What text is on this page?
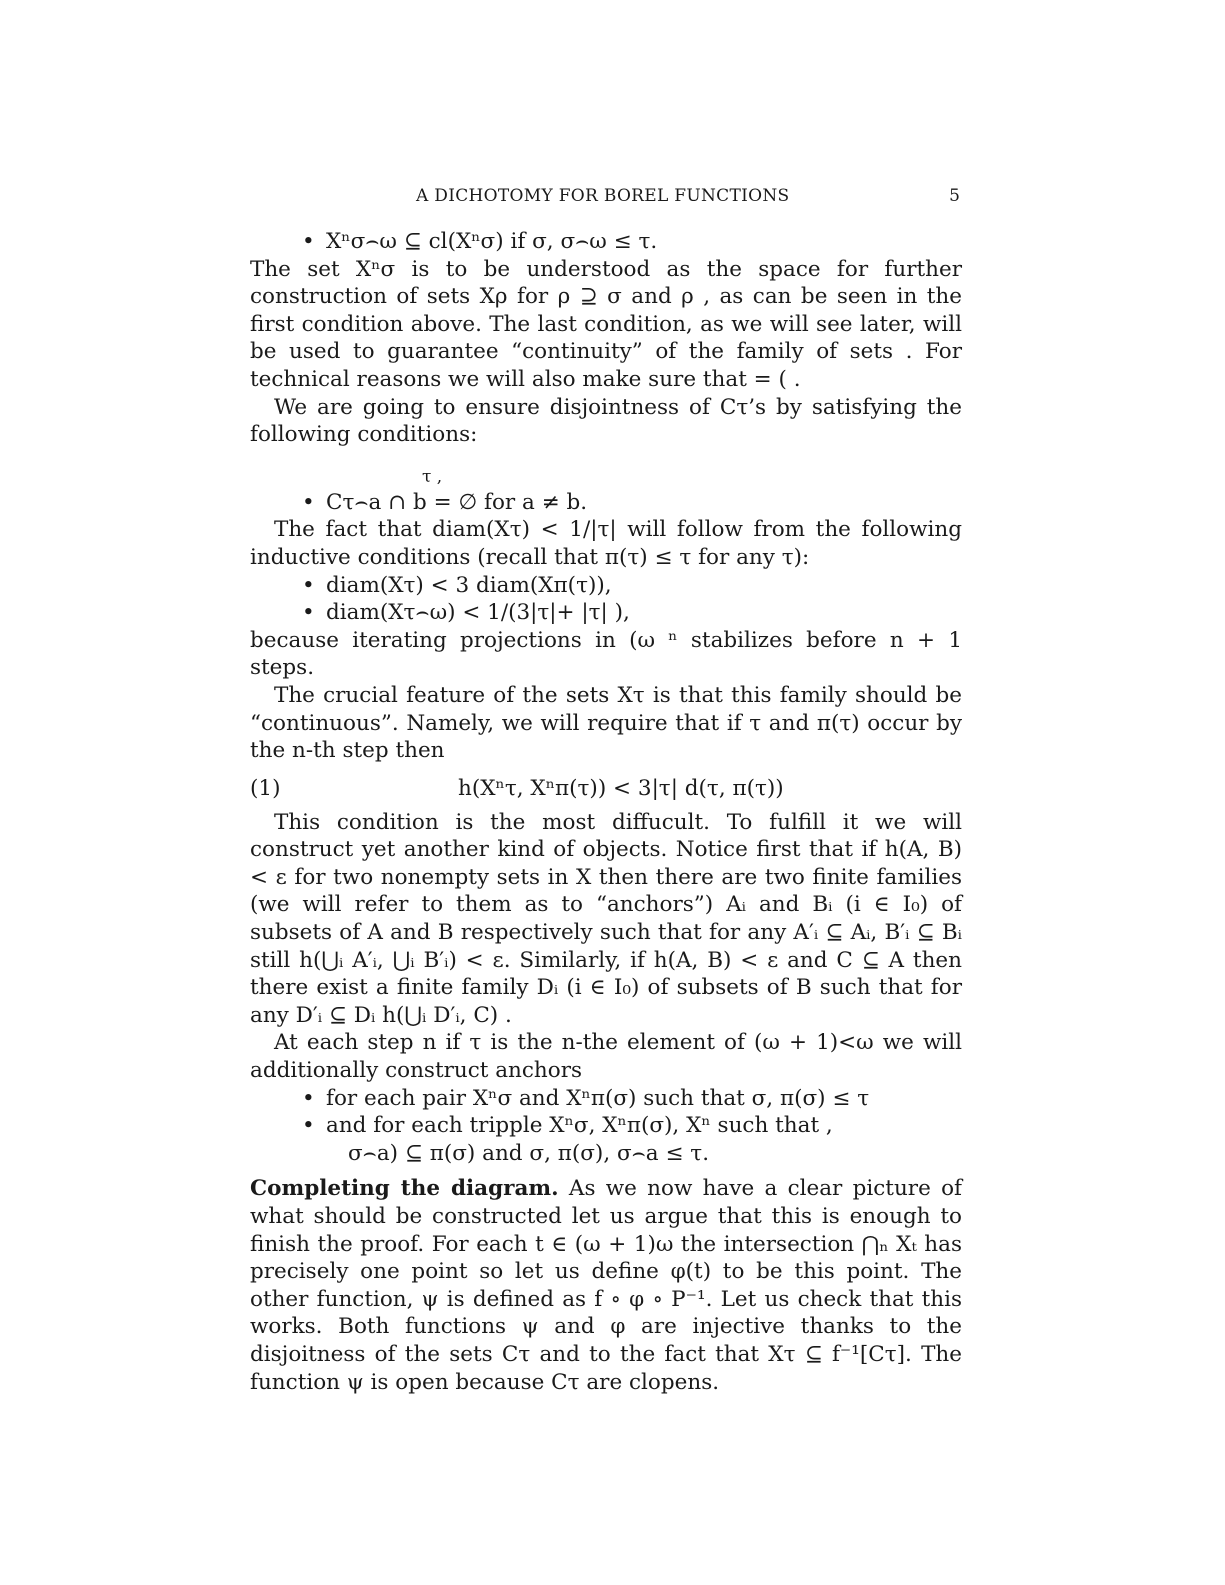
A DICHOTOMY FOR BOREL FUNCTIONS	5
• Xⁿσ⌢ω ⊆ cl(Xⁿσ) if σ, σ⌢ω ≤ τ.

The set Xⁿσ is to be understood as the space for further construction of sets Xρ for ρ ⊇ σ and ρ , as can be seen in the first condition above. The last condition, as we will see later, will be used to guarantee “continuity” of the family of sets . For technical reasons we will also make sure that = ( .

We are going to ensure disjointness of Cτ’s by satisfying the following conditions:

τ ,
• Cτ⌢a ∩ b = ∅ for a ≠ b.

The fact that diam(Xτ) < 1/|τ| will follow from the following inductive conditions (recall that π(τ) ≤ τ for any τ):

• diam(Xτ) < 3 diam(Xπ(τ)),
• diam(Xτ⌢ω) < 1/(3|τ|+ |τ| ),

because iterating projections in (ω ⁿ stabilizes before n + 1 steps.

The crucial feature of the sets Xτ is that this family should be “continuous”. Namely, we will require that if τ and π(τ) occur by the n-th step then

(1)	h(Xⁿτ, Xⁿπ(τ)) < 3|τ| d(τ, π(τ))

This condition is the most diffucult. To fulfill it we will construct yet another kind of objects. Notice first that if h(A, B) < ε for two nonempty sets in X then there are two finite families (we will refer to them as to “anchors”) Aᵢ and Bᵢ (i ∈ I₀) of subsets of A and B respectively such that for any A′ᵢ ⊆ Aᵢ, B′ᵢ ⊆ Bᵢ still h(⋃ᵢ A′ᵢ, ⋃ᵢ B′ᵢ) < ε. Similarly, if h(A, B) < ε and C ⊆ A then there exist a finite family Dᵢ (i ∈ I₀) of subsets of B such that for any D′ᵢ ⊆ Dᵢ h(⋃ᵢ D′ᵢ, C) .

At each step n if τ is the n-the element of (ω + 1)<ω we will additionally construct anchors

• for each pair Xⁿσ and Xⁿπ(σ) such that σ, π(σ) ≤ τ
• and for each tripple Xⁿσ, Xⁿπ(σ), Xⁿ such that ,
σ⌢a) ⊆ π(σ) and σ, π(σ), σ⌢a ≤ τ.

Completing the diagram. As we now have a clear picture of what should be constructed let us argue that this is enough to finish the proof. For each t ∈ (ω + 1)ω the intersection ⋂ₙ Xₜ has precisely one point so let us define φ(t) to be this point. The other function, ψ is defined as f ∘ φ ∘ P⁻¹. Let us check that this works. Both functions ψ and φ are injective thanks to the disjoitness of the sets Cτ and to the fact that Xτ ⊆ f⁻¹[Cτ]. The function ψ is open because Cτ are clopens.
